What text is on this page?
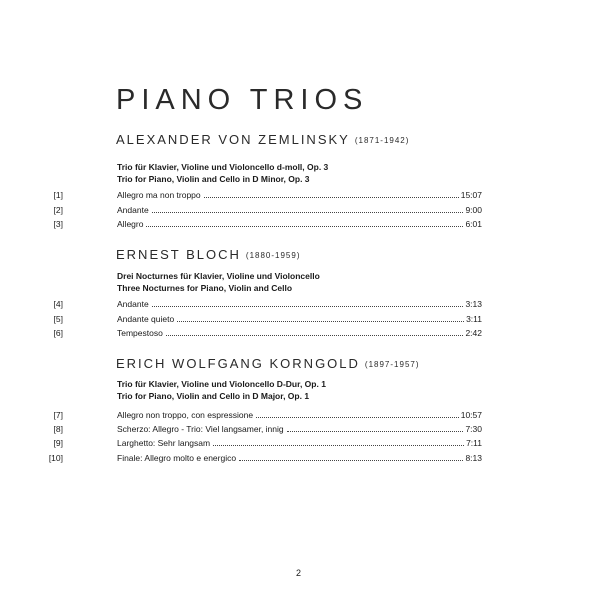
PIANO TRIOS
ALEXANDER VON ZEMLINSKY (1871-1942)
Trio für Klavier, Violine und Violoncello d-moll, Op. 3
Trio for Piano, Violin and Cello in D Minor, Op. 3
[1]	Allegro ma non troppo	15:07
[2]	Andante	9:00
[3]	Allegro	6:01
ERNEST BLOCH (1880-1959)
Drei Nocturnes für Klavier, Violine und Violoncello
Three Nocturnes for Piano, Violin and Cello
[4]	Andante	3:13
[5]	Andante quieto	3:11
[6]	Tempestoso	2:42
ERICH WOLFGANG KORNGOLD (1897-1957)
Trio für Klavier, Violine und Violoncello D-Dur, Op. 1
Trio for Piano, Violin and Cello in D Major, Op. 1
[7]	Allegro non troppo, con espressione	10:57
[8]	Scherzo: Allegro - Trio: Viel langsamer, innig	7:30
[9]	Larghetto: Sehr langsam	7:11
[10]	Finale: Allegro molto e energico	8:13
2
